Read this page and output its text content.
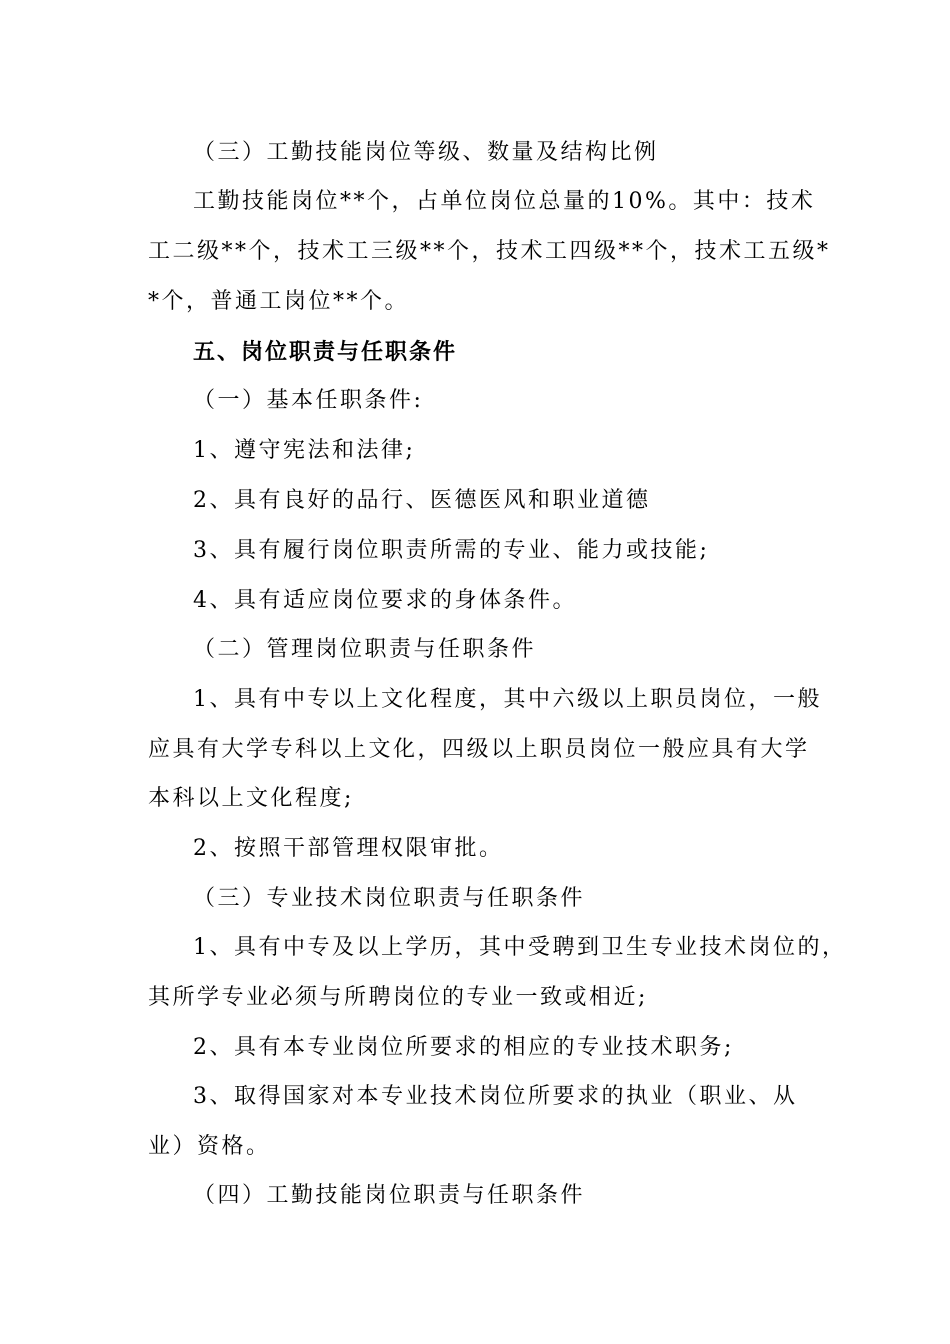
（三）工勤技能岗位等级、数量及结构比例
工勤技能岗位**个，占单位岗位总量的10%。其中：技术
工二级**个，技术工三级**个，技术工四级**个，技术工五级*
*个，普通工岗位**个。
五、岗位职责与任职条件
（一）基本任职条件:
1、遵守宪法和法律;
2、具有良好的品行、医德医风和职业道德
3、具有履行岗位职责所需的专业、能力或技能;
4、具有适应岗位要求的身体条件。
（二）管理岗位职责与任职条件
1、具有中专以上文化程度，其中六级以上职员岗位，一般
应具有大学专科以上文化，四级以上职员岗位一般应具有大学
本科以上文化程度;
2、按照干部管理权限审批。
（三）专业技术岗位职责与任职条件
1、具有中专及以上学历，其中受聘到卫生专业技术岗位的，
其所学专业必须与所聘岗位的专业一致或相近;
2、具有本专业岗位所要求的相应的专业技术职务;
3、取得国家对本专业技术岗位所要求的执业（职业、从
业）资格。
（四）工勤技能岗位职责与任职条件
